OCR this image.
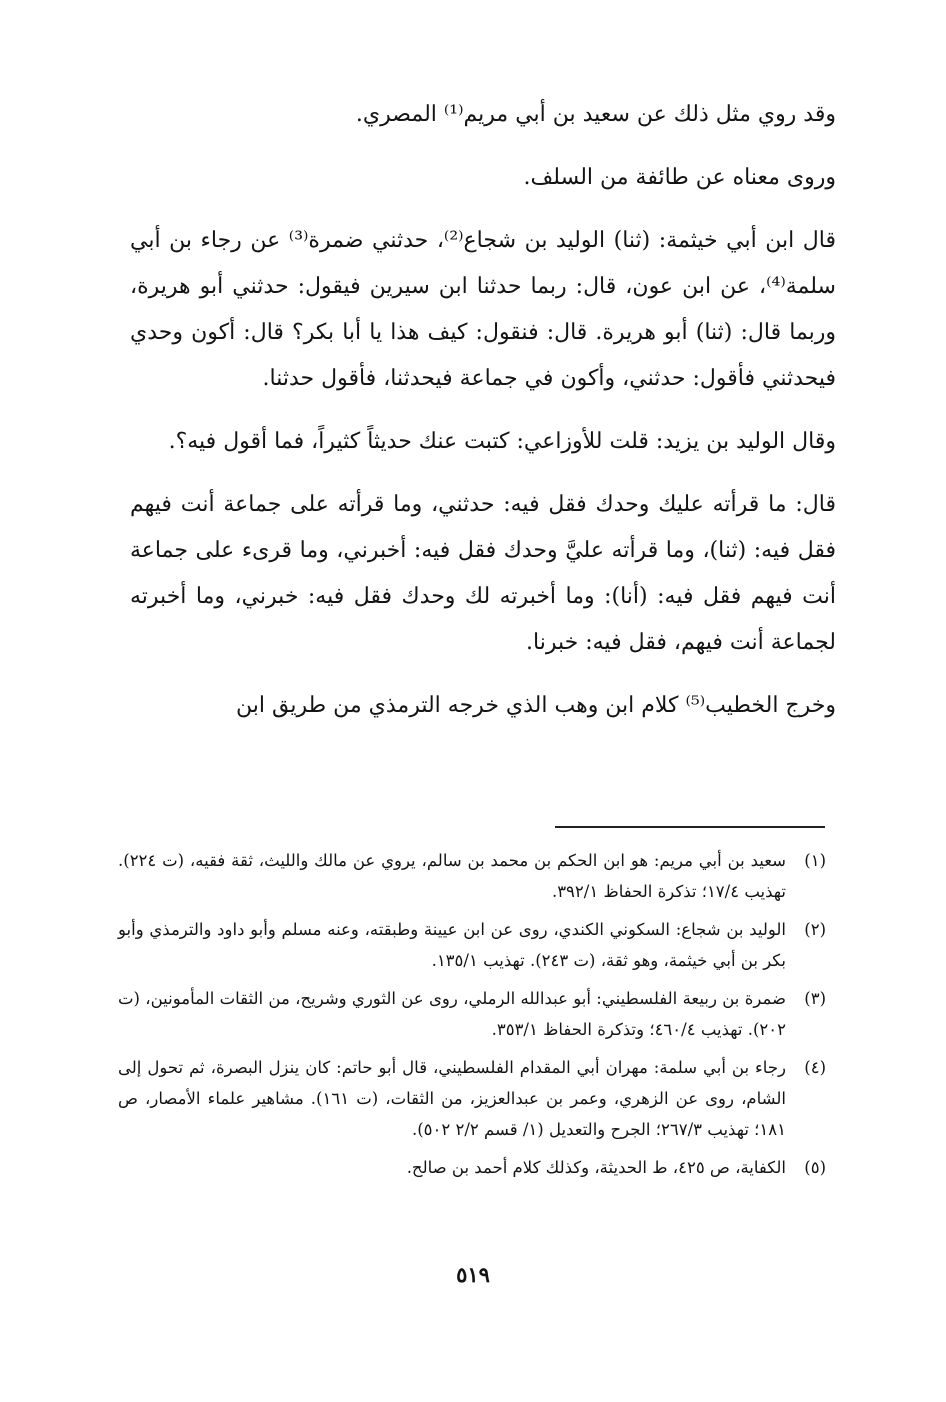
وقد روي مثل ذلك عن سعيد بن أبي مريم⁽¹⁾ المصري.

وروى معناه عن طائفة من السلف.

قال ابن أبي خيثمة: (ثنا) الوليد بن شجاع⁽²⁾، حدثني ضمرة⁽³⁾ عن رجاء بن أبي سلمة⁽⁴⁾، عن ابن عون، قال: ربما حدثنا ابن سيرين فيقول: حدثني أبو هريرة، وربما قال: (ثنا) أبو هريرة. قال: فنقول: كيف هذا يا أبا بكر؟ قال: أكون وحدي فيحدثني فأقول: حدثني، وأكون في جماعة فيحدثنا، فأقول حدثنا.

وقال الوليد بن يزيد: قلت للأوزاعي: كتبت عنك حديثاً كثيراً، فما أقول فيه؟.

قال: ما قرأته عليك وحدك فقل فيه: حدثني، وما قرأته على جماعة أنت فيهم فقل فيه: (ثنا)، وما قرأته عليَّ وحدك فقل فيه: أخبرني، وما قرىء على جماعة أنت فيهم فقل فيه: (أنا): وما أخبرته لك وحدك فقل فيه: خبرني، وما أخبرته لجماعة أنت فيهم، فقل فيه: خبرنا.

وخرج الخطيب⁽⁵⁾ كلام ابن وهب الذي خرجه الترمذي من طريق ابن

(١)
سعيد بن أبي مريم: هو ابن الحكم بن محمد بن سالم، يروي عن مالك والليث، ثقة فقيه، (ت ٢٢٤). تهذيب ١٧/٤؛ تذكرة الحفاظ ٣٩٢/١.
(٢)
الوليد بن شجاع: السكوني الكندي، روى عن ابن عيينة وطبقته، وعنه مسلم وأبو داود والترمذي وأبو بكر بن أبي خيثمة، وهو ثقة، (ت ٢٤٣). تهذيب ١٣٥/١.
(٣)
ضمرة بن ربيعة الفلسطيني: أبو عبدالله الرملي، روى عن الثوري وشريح، من الثقات المأمونين، (ت ٢٠٢). تهذيب ٤٦٠/٤؛ وتذكرة الحفاظ ٣٥٣/١.
(٤)
رجاء بن أبي سلمة: مهران أبي المقدام الفلسطيني، قال أبو حاتم: كان ينزل البصرة، ثم تحول إلى الشام، روى عن الزهري، وعمر بن عبدالعزيز، من الثقات، (ت ١٦١). مشاهير علماء الأمصار، ص ١٨١؛ تهذيب ٢٦٧/٣؛ الجرح والتعديل (١/ قسم ٢/٢ ٥٠٢).
(٥)
الكفاية، ص ٤٢٥، ط الحديثة، وكذلك كلام أحمد بن صالح.
٥١٩
